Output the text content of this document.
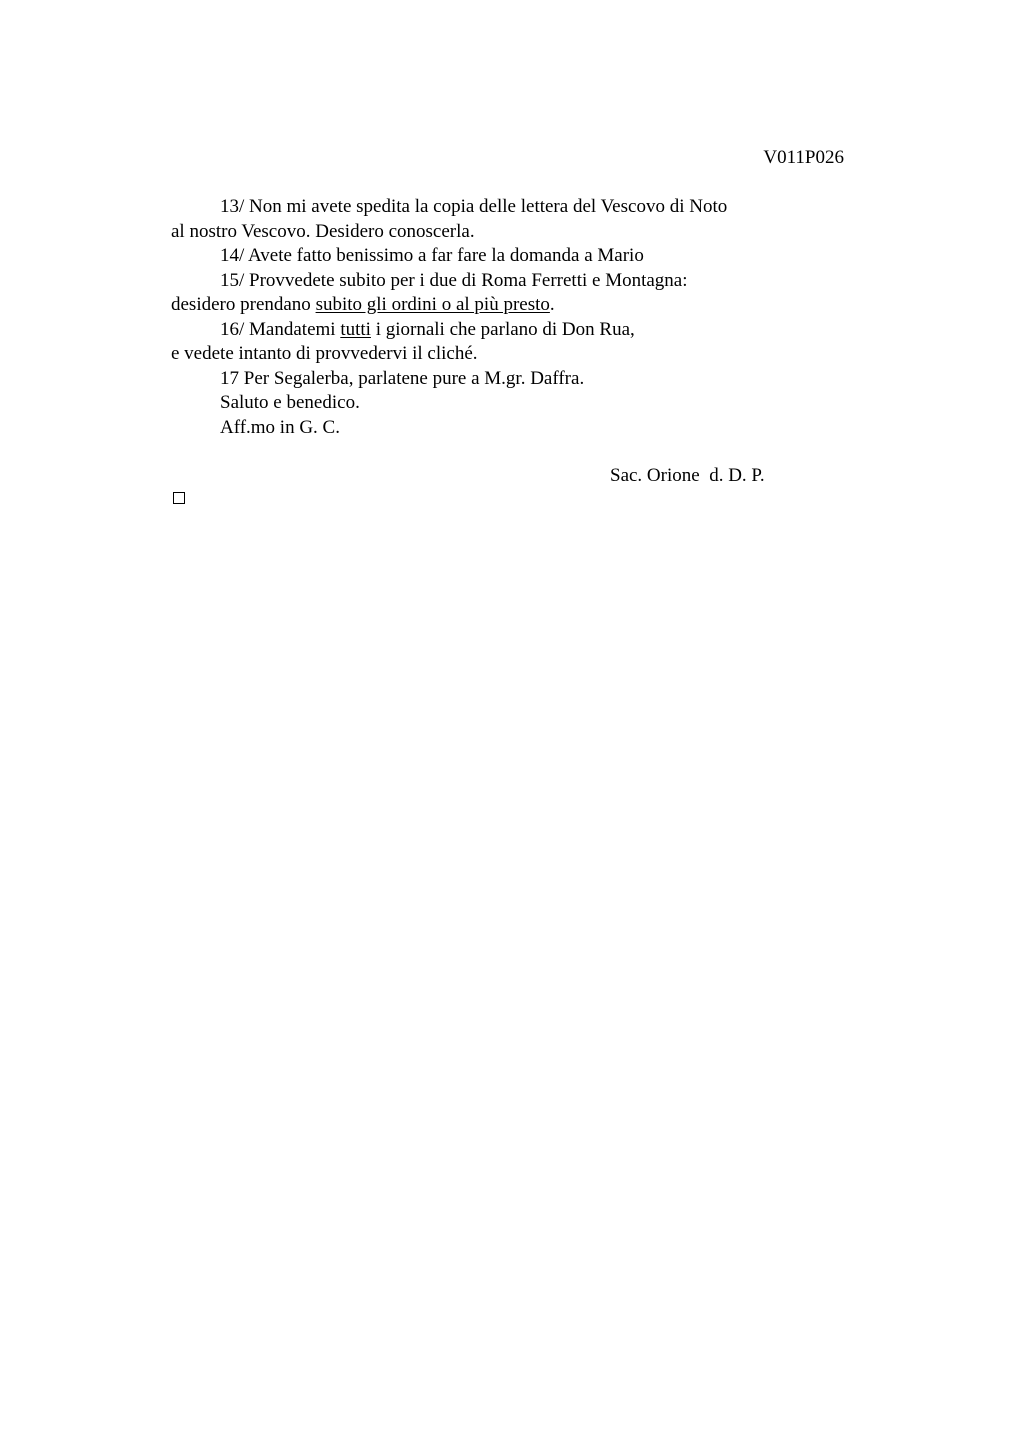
V011P026
13/ Non mi avete spedita la copia delle lettera del Vescovo di Noto
al nostro Vescovo. Desidero conoscerla.
14/ Avete fatto benissimo a far fare la domanda a Mario
15/ Provvedete subito per i due di Roma Ferretti e Montagna:
desidero prendano subito gli ordini o al più presto.
16/ Mandatemi tutti i giornali che parlano di Don Rua,
e vedete intanto di provvedervi il cliché.
17 Per Segalerba, parlatene pure a M.gr. Daffra.
Saluto e benedico.
Aff.mo in G. C.
Sac. Orione  d. D. P.
